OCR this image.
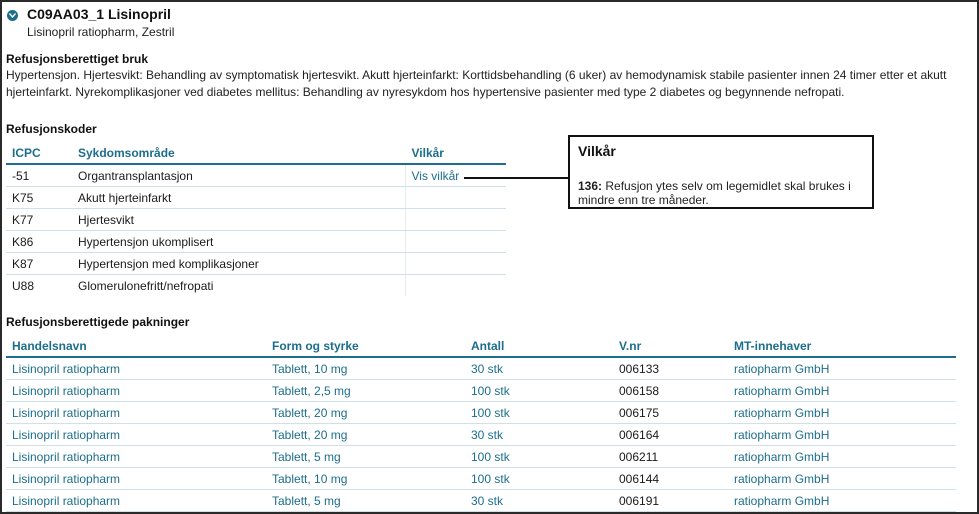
C09AA03_1 Lisinopril
Lisinopril ratiopharm, Zestril
Refusjonsberettiget bruk
Hypertensjon. Hjertesvikt: Behandling av symptomatisk hjertesvikt. Akutt hjerteinfarkt: Korttidsbehandling (6 uker) av hemodynamisk stabile pasienter innen 24 timer etter et akutt hjerteinfarkt. Nyrekomplikasjoner ved diabetes mellitus: Behandling av nyresykdom hos hypertensive pasienter med type 2 diabetes og begynnende nefropati.
Refusjonskoder
ICPC	Sykdomsområde	Vilkår
-51	Organtransplantasjon	Vis vilkår
K75	Akutt hjerteinfarkt	
K77	Hjertesvikt	
K86	Hypertensjon ukomplisert	
K87	Hypertensjon med komplikasjoner	
U88	Glomerulonefritt/nefropati	
Vilkår
136: Refusjon ytes selv om legemidlet skal brukes i mindre enn tre måneder.
Refusjonsberettigede pakninger
Handelsnavn	Form og styrke	Antall	V.nr	MT-innehaver
Lisinopril ratiopharm	Tablett, 10 mg	30 stk	006133	ratiopharm GmbH
Lisinopril ratiopharm	Tablett, 2,5 mg	100 stk	006158	ratiopharm GmbH
Lisinopril ratiopharm	Tablett, 20 mg	100 stk	006175	ratiopharm GmbH
Lisinopril ratiopharm	Tablett, 20 mg	30 stk	006164	ratiopharm GmbH
Lisinopril ratiopharm	Tablett, 5 mg	100 stk	006211	ratiopharm GmbH
Lisinopril ratiopharm	Tablett, 10 mg	100 stk	006144	ratiopharm GmbH
Lisinopril ratiopharm	Tablett, 5 mg	30 stk	006191	ratiopharm GmbH
